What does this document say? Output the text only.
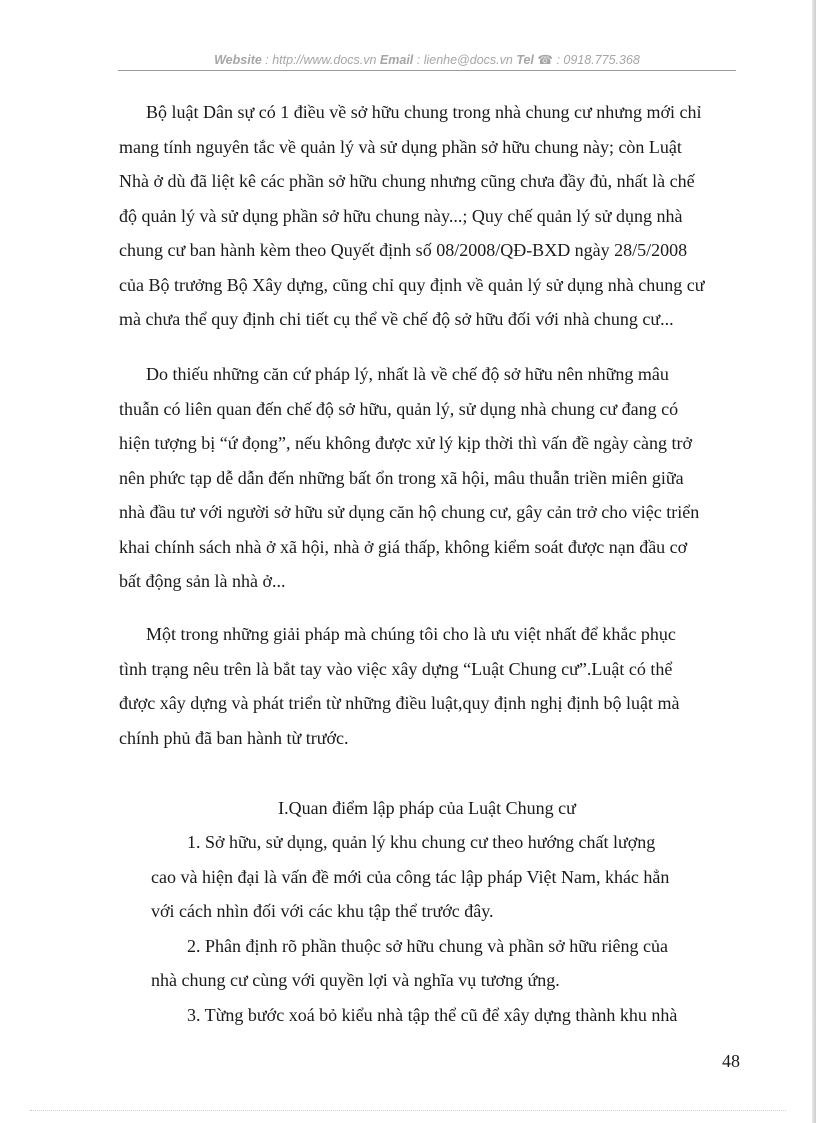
Website : http://www.docs.vn Email : lienhe@docs.vn Tel ☎ : 0918.775.368

Bộ luật Dân sự có 1 điều về sở hữu chung trong nhà chung cư nhưng mới chỉ
mang tính nguyên tắc về quản lý và sử dụng phần sở hữu chung này; còn Luật
Nhà ở dù đã liệt kê các phần sở hữu chung nhưng cũng chưa đầy đủ, nhất là chế
độ quản lý và sử dụng phần sở hữu chung này...; Quy chế quản lý sử dụng nhà
chung cư ban hành kèm theo Quyết định số 08/2008/QĐ-BXD ngày 28/5/2008
của Bộ trưởng Bộ Xây dựng, cũng chỉ quy định về quản lý sử dụng nhà chung cư
mà chưa thể quy định chi tiết cụ thể về chế độ sở hữu đối với nhà chung cư...

Do thiếu những căn cứ pháp lý, nhất là về chế độ sở hữu nên những mâu
thuẫn có liên quan đến chế độ sở hữu, quản lý, sử dụng nhà chung cư đang có
hiện tượng bị “ứ đọng”, nếu không được xử lý kịp thời thì vấn đề ngày càng trở
nên phức tạp dễ dẫn đến những bất ổn trong xã hội, mâu thuẫn triền miên giữa
nhà đầu tư với người sở hữu sử dụng căn hộ chung cư, gây cản trở cho việc triển
khai chính sách nhà ở xã hội, nhà ở giá thấp, không kiểm soát được nạn đầu cơ
bất động sản là nhà ở...

Một trong những giải pháp mà chúng tôi cho là ưu việt nhất để khắc phục
tình trạng nêu trên là bắt tay vào việc xây dựng “Luật Chung cư”.Luật có thể
được xây dựng và phát triển từ những điều luật,quy định nghị định bộ luật mà
chính phủ đã ban hành từ trước.

I.Quan điểm lập pháp của Luật Chung cư

1. Sở hữu, sử dụng, quản lý khu chung cư theo hướng chất lượng
cao và hiện đại là vấn đề mới của công tác lập pháp Việt Nam, khác hẳn
với cách nhìn đối với các khu tập thể trước đây.
2. Phân định rõ phần thuộc sở hữu chung và phần sở hữu riêng của
nhà chung cư cùng với quyền lợi và nghĩa vụ tương ứng.
3. Từng bước xoá bỏ kiểu nhà tập thể cũ để xây dựng thành khu nhà
48
